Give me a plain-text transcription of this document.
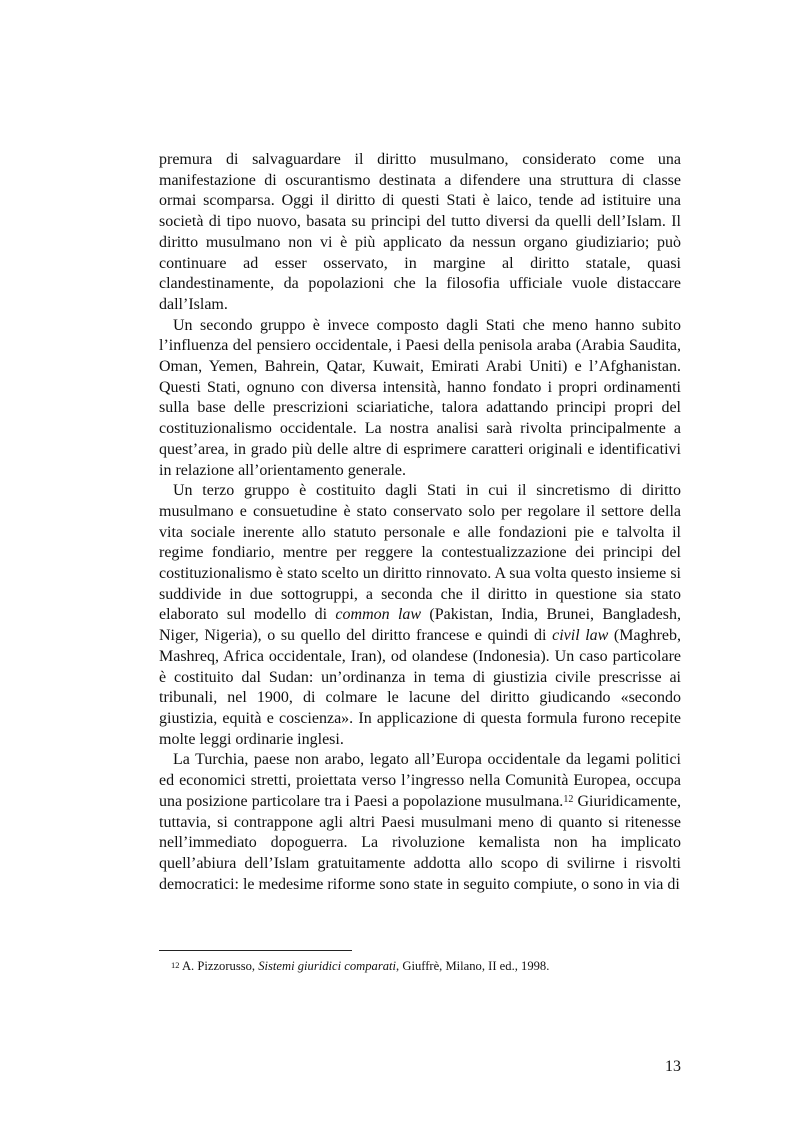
premura di salvaguardare il diritto musulmano, considerato come una manifestazione di oscurantismo destinata a difendere una struttura di classe ormai scomparsa. Oggi il diritto di questi Stati è laico, tende ad istituire una società di tipo nuovo, basata su principi del tutto diversi da quelli dell’Islam. Il diritto musulmano non vi è più applicato da nessun organo giudiziario; può continuare ad esser osservato, in margine al diritto statale, quasi clandestinamente, da popolazioni che la filosofia ufficiale vuole distaccare dall’Islam.

Un secondo gruppo è invece composto dagli Stati che meno hanno subito l’influenza del pensiero occidentale, i Paesi della penisola araba (Arabia Saudita, Oman, Yemen, Bahrein, Qatar, Kuwait, Emirati Arabi Uniti) e l’Afghanistan. Questi Stati, ognuno con diversa intensità, hanno fondato i propri ordinamenti sulla base delle prescrizioni sciariatiche, talora adattando principi propri del costituzionalismo occidentale. La nostra analisi sarà rivolta principalmente a quest’area, in grado più delle altre di esprimere caratteri originali e identificativi in relazione all’orientamento generale.

Un terzo gruppo è costituito dagli Stati in cui il sincretismo di diritto musulmano e consuetudine è stato conservato solo per regolare il settore della vita sociale inerente allo statuto personale e alle fondazioni pie e talvolta il regime fondiario, mentre per reggere la contestualizzazione dei principi del costituzionalismo è stato scelto un diritto rinnovato. A sua volta questo insieme si suddivide in due sottogruppi, a seconda che il diritto in questione sia stato elaborato sul modello di common law (Pakistan, India, Brunei, Bangladesh, Niger, Nigeria), o su quello del diritto francese e quindi di civil law (Maghreb, Mashreq, Africa occidentale, Iran), od olandese (Indonesia). Un caso particolare è costituito dal Sudan: un’ordinanza in tema di giustizia civile prescrisse ai tribunali, nel 1900, di colmare le lacune del diritto giudicando «secondo giustizia, equità e coscienza». In applicazione di questa formula furono recepite molte leggi ordinarie inglesi.

La Turchia, paese non arabo, legato all’Europa occidentale da legami politici ed economici stretti, proiettata verso l’ingresso nella Comunità Europea, occupa una posizione particolare tra i Paesi a popolazione musulmana.$^{12}$ Giuridicamente, tuttavia, si contrappone agli altri Paesi musulmani meno di quanto si ritenesse nell’immediato dopoguerra. La rivoluzione kemalista non ha implicato quell’abiura dell’Islam gratuitamente addotta allo scopo di svilirne i risvolti democratici: le medesime riforme sono state in seguito compiute, o sono in via di

$^{12}$ A. Pizzorusso, Sistemi giuridici comparati, Giuffrè, Milano, II ed., 1998.

13
